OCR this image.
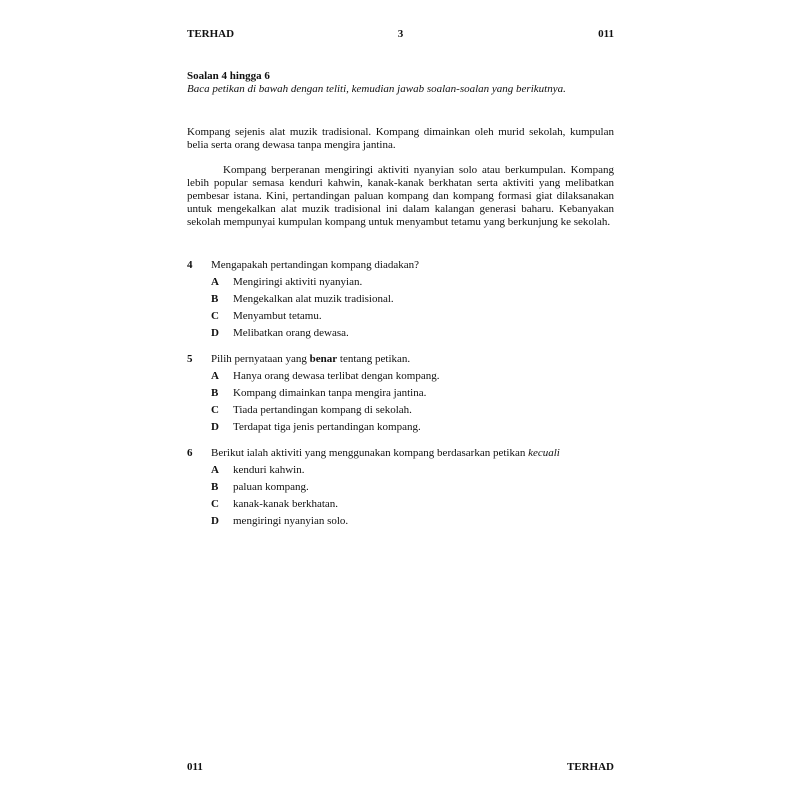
TERHAD	3	011
Soalan 4 hingga 6
Baca petikan di bawah dengan teliti, kemudian jawab soalan-soalan yang berikutnya.

Kompang sejenis alat muzik tradisional. Kompang dimainkan oleh murid sekolah, kumpulan belia serta orang dewasa tanpa mengira jantina.

Kompang berperanan mengiringi aktiviti nyanyian solo atau berkumpulan. Kompang lebih popular semasa kenduri kahwin, kanak-kanak berkhatan serta aktiviti yang melibatkan pembesar istana. Kini, pertandingan paluan kompang dan kompang formasi giat dilaksanakan untuk mengekalkan alat muzik tradisional ini dalam kalangan generasi baharu. Kebanyakan sekolah mempunyai kumpulan kompang untuk menyambut tetamu yang berkunjung ke sekolah.

4	Mengapakah pertandingan kompang diadakan?
A	Mengiringi aktiviti nyanyian.
B	Mengekalkan alat muzik tradisional.
C	Menyambut tetamu.
D	Melibatkan orang dewasa.
5	Pilih pernyataan yang benar tentang petikan.
A	Hanya orang dewasa terlibat dengan kompang.
B	Kompang dimainkan tanpa mengira jantina.
C	Tiada pertandingan kompang di sekolah.
D	Terdapat tiga jenis pertandingan kompang.
6	Berikut ialah aktiviti yang menggunakan kompang berdasarkan petikan kecuali
A	kenduri kahwin.
B	paluan kompang.
C	kanak-kanak berkhatan.
D	mengiringi nyanyian solo.
011	TERHAD
